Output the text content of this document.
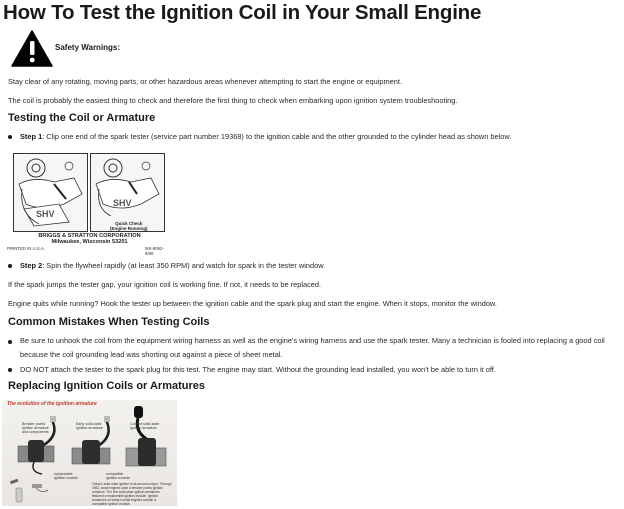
How To Test the Ignition Coil in Your Small Engine
Safety Warnings:
Stay clear of any rotating, moving parts, or other hazardous areas whenever attempting to start the engine or equipment.
The coil is probably the easiest thing to check and therefore the first thing to check when embarking upon ignition system troubleshooting.
Testing the Coil or Armature
Step 1: Clip one end of the spark tester (service part number 19368) to the ignition cable and the other grounded to the cylinder head as shown below.
SHV
SHV
Quick Check
(Engine Running)
BRIGGS & STRATTON CORPORATION
Milwaukee, Wisconsin 53201
PRINTED IN U.S.A.	MS-8062-8/90
Step 2: Spin the flywheel rapidly (at least 350 RPM) and watch for spark in the tester window.
If the spark jumps the tester gap, your ignition coil is working fine. If not, it needs to be replaced.
Engine quits while running? Hook the tester up between the ignition cable and the spark plug and start the engine. When it stops, monitor the window.
Common Mistakes When Testing Coils
Be sure to unhook the coil from the equipment wiring harness as well as the engine's wiring harness and use the spark tester. Many a technician is fooled into replacing a good coil because the coil grounding lead was shorting out against a piece of sheet metal.
DO NOT attach the tester to the spark plug for this test. The engine may start. Without the grounding lead installed, you won't be able to turn it off.
Replacing Ignition Coils or Armatures
The evolution of the ignition armature
Breaker points ignition armature and components
Early solid-state ignition armature
Current solid-state ignition armature
replaceable ignition module
compatible ignition module
Today's solid-state ignition is all-around-unique. Through 1982, small engines used a breaker points ignition armature. The first solid-state ignition armatures featured a replaceable ignition module. Ignition armatures on today's small engines contain a compatible ignition module.
